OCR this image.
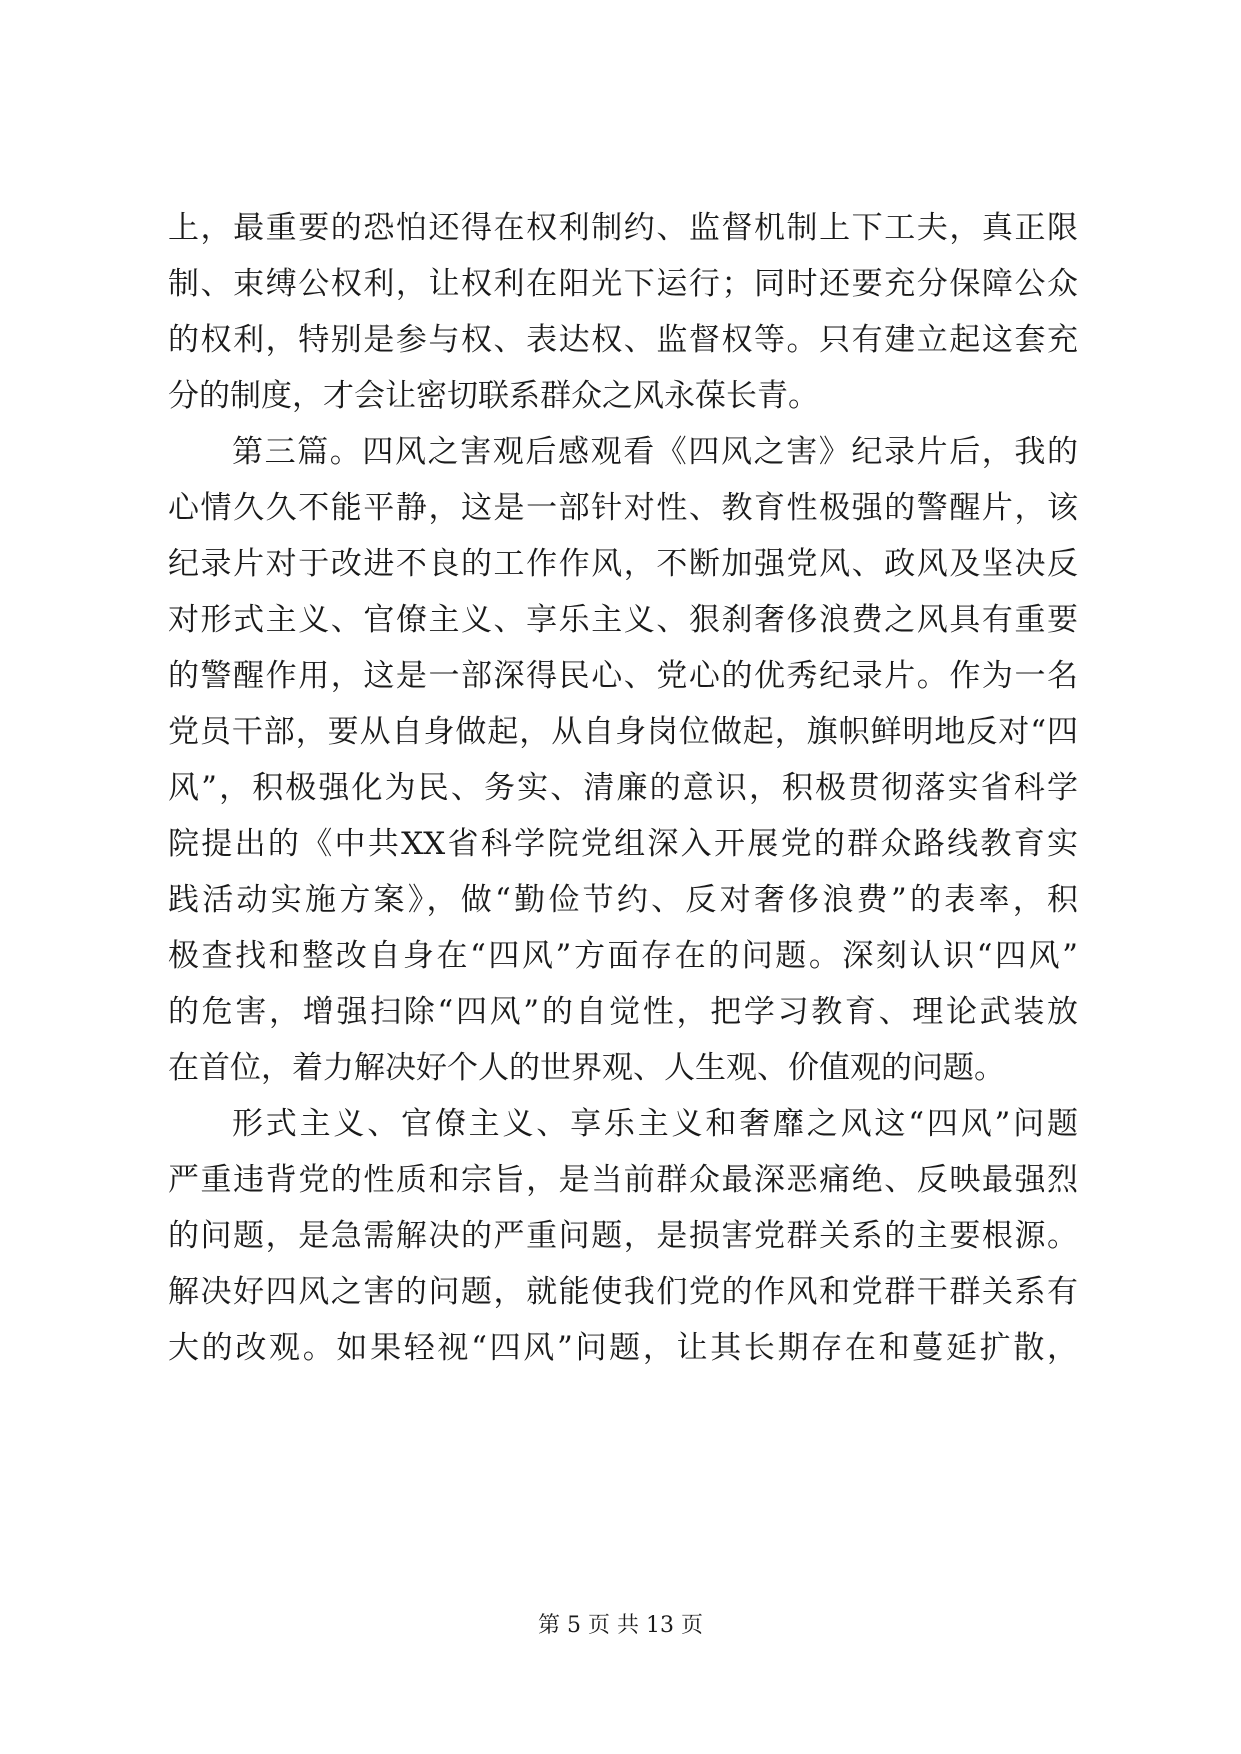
上，最重要的恐怕还得在权利制约、监督机制上下工夫，真正限
制、束缚公权利，让权利在阳光下运行；同时还要充分保障公众
的权利，特别是参与权、表达权、监督权等。只有建立起这套充
分的制度，才会让密切联系群众之风永葆长青。
第三篇。四风之害观后感观看《四风之害》纪录片后，我的
心情久久不能平静，这是一部针对性、教育性极强的警醒片，该
纪录片对于改进不良的工作作风，不断加强党风、政风及坚决反
对形式主义、官僚主义、享乐主义、狠刹奢侈浪费之风具有重要
的警醒作用，这是一部深得民心、党心的优秀纪录片。作为一名
党员干部，要从自身做起，从自身岗位做起，旗帜鲜明地反对“四
风”，积极强化为民、务实、清廉的意识，积极贯彻落实省科学
院提出的《中共XX省科学院党组深入开展党的群众路线教育实
践活动实施方案》，做“勤俭节约、反对奢侈浪费”的表率，积
极查找和整改自身在“四风”方面存在的问题。深刻认识“四风”
的危害，增强扫除“四风”的自觉性，把学习教育、理论武装放
在首位，着力解决好个人的世界观、人生观、价值观的问题。
形式主义、官僚主义、享乐主义和奢靡之风这“四风”问题
严重违背党的性质和宗旨，是当前群众最深恶痛绝、反映最强烈
的问题，是急需解决的严重问题，是损害党群关系的主要根源。
解决好四风之害的问题，就能使我们党的作风和党群干群关系有
大的改观。如果轻视“四风”问题，让其长期存在和蔓延扩散，
第 5 页 共 13 页
